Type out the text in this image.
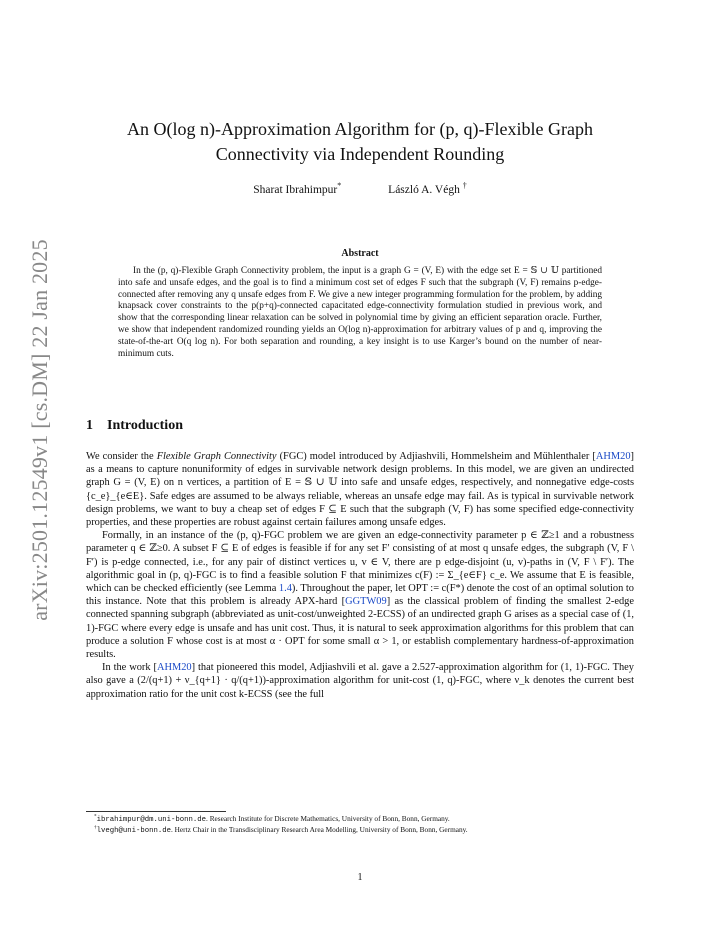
arXiv:2501.12549v1 [cs.DM] 22 Jan 2025
An O(log n)-Approximation Algorithm for (p, q)-Flexible Graph
Connectivity via Independent Rounding
Sharat Ibrahimpur*	László A. Végh †
Abstract

In the (p, q)-Flexible Graph Connectivity problem, the input is a graph G = (V, E) with the edge set E = 𝕊 ∪ 𝕌 partitioned into safe and unsafe edges, and the goal is to find a minimum cost set of edges F such that the subgraph (V, F) remains p-edge-connected after removing any q unsafe edges from F. We give a new integer programming formulation for the problem, by adding knapsack cover constraints to the p(p+q)-connected capacitated edge-connectivity formulation studied in previous work, and show that the corresponding linear relaxation can be solved in polynomial time by giving an efficient separation oracle. Further, we show that independent randomized rounding yields an O(log n)-approximation for arbitrary values of p and q, improving the state-of-the-art O(q log n). For both separation and rounding, a key insight is to use Karger’s bound on the number of near-minimum cuts.

1 Introduction

We consider the Flexible Graph Connectivity (FGC) model introduced by Adjiashvili, Hommelsheim and Mühlenthaler [AHM20] as a means to capture nonuniformity of edges in survivable network design problems. In this model, we are given an undirected graph G = (V, E) on n vertices, a partition of E = 𝕊 ∪ 𝕌 into safe and unsafe edges, respectively, and nonnegative edge-costs {c_e}_{e∈E}. Safe edges are assumed to be always reliable, whereas an unsafe edge may fail. As is typical in survivable network design problems, we want to buy a cheap set of edges F ⊆ E such that the subgraph (V, F) has some specified edge-connectivity properties, and these properties are robust against certain failures among unsafe edges.

Formally, in an instance of the (p, q)-FGC problem we are given an edge-connectivity parameter p ∈ ℤ≥1 and a robustness parameter q ∈ ℤ≥0. A subset F ⊆ E of edges is feasible if for any set F′ consisting of at most q unsafe edges, the subgraph (V, F \ F′) is p-edge connected, i.e., for any pair of distinct vertices u, v ∈ V, there are p edge-disjoint (u, v)-paths in (V, F \ F′). The algorithmic goal in (p, q)-FGC is to find a feasible solution F that minimizes c(F) := Σ_{e∈F} c_e. We assume that E is feasible, which can be checked efficiently (see Lemma 1.4). Throughout the paper, let OPT := c(F*) denote the cost of an optimal solution to this instance. Note that this problem is already APX-hard [GGTW09] as the classical problem of finding the smallest 2-edge connected spanning subgraph (abbreviated as unit-cost/unweighted 2-ECSS) of an undirected graph G arises as a special case of (1, 1)-FGC where every edge is unsafe and has unit cost. Thus, it is natural to seek approximation algorithms for this problem that can produce a solution F whose cost is at most α · OPT for some small α > 1, or establish complementary hardness-of-approximation results.

In the work [AHM20] that pioneered this model, Adjiashvili et al. gave a 2.527-approximation algorithm for (1, 1)-FGC. They also gave a (2/(q+1) + ν_{q+1} · q/(q+1))-approximation algorithm for unit-cost (1, q)-FGC, where ν_k denotes the current best approximation ratio for the unit cost k-ECSS (see the full

*ibrahimpur@dm.uni-bonn.de. Research Institute for Discrete Mathematics, University of Bonn, Bonn, Germany.
†lvegh@uni-bonn.de. Hertz Chair in the Transdisciplinary Research Area Modelling, University of Bonn, Bonn, Germany.
1
